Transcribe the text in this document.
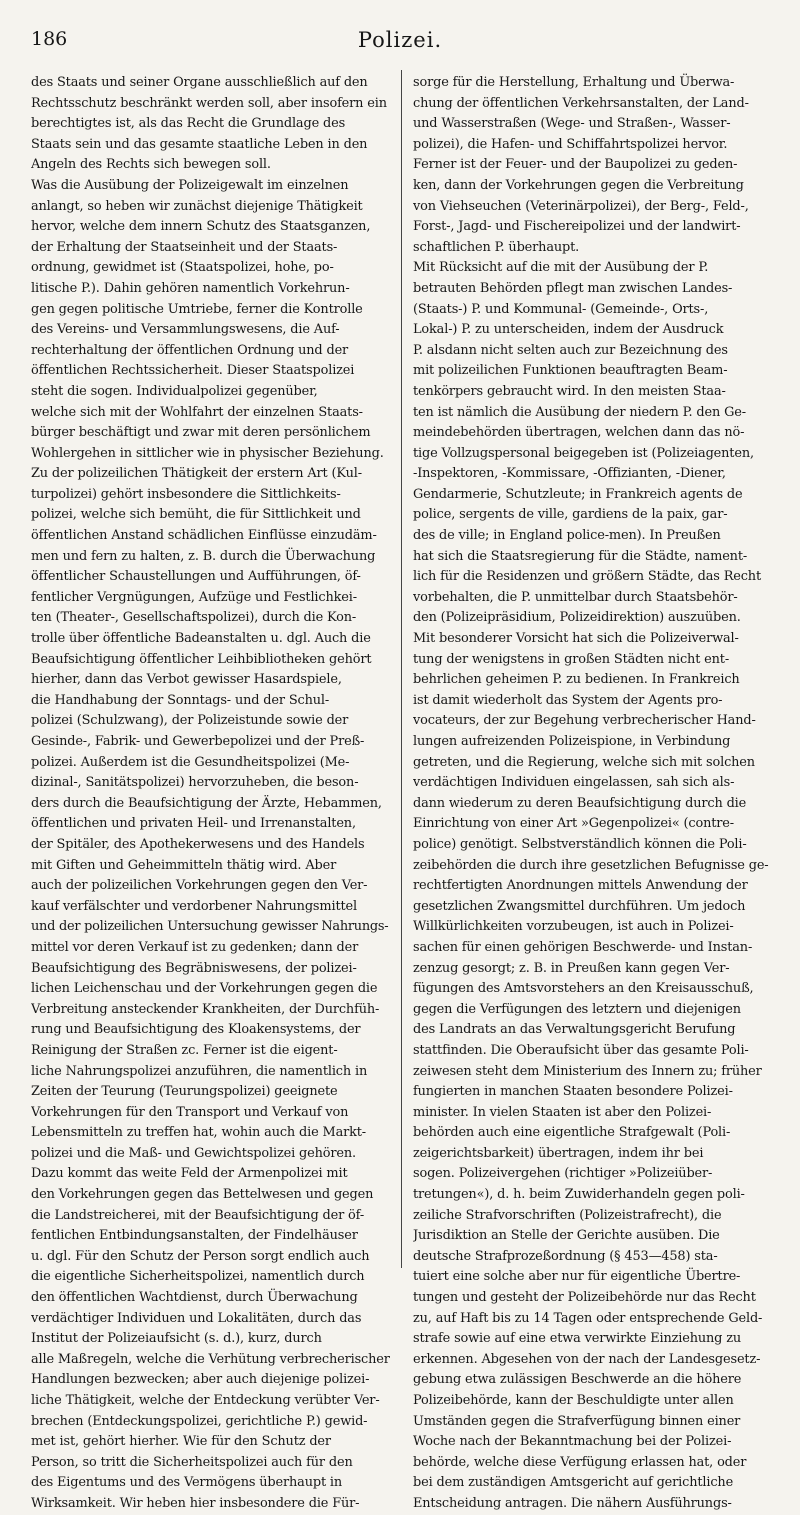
186	Polizei.
des Staats und seiner Organe ausschließlich auf den
Rechtsschutz beschränkt werden soll, aber insofern ein
berechtigtes ist, als das Recht die Grundlage des
Staats sein und das gesamte staatliche Leben in den
Angeln des Rechts sich bewegen soll.
Was die Ausübung der Polizeigewalt im einzelnen
anlangt, so heben wir zunächst diejenige Thätigkeit
hervor, welche dem innern Schutz des Staatsganzen,
der Erhaltung der Staatseinheit und der Staats-
ordnung, gewidmet ist (Staatspolizei, hohe, po-
litische P.). Dahin gehören namentlich Vorkehrun-
gen gegen politische Umtriebe, ferner die Kontrolle
des Vereins- und Versammlungswesens, die Auf-
rechterhaltung der öffentlichen Ordnung und der
öffentlichen Rechtssicherheit. Dieser Staatspolizei
steht die sogen. Individualpolizei gegenüber,
welche sich mit der Wohlfahrt der einzelnen Staats-
bürger beschäftigt und zwar mit deren persönlichem
Wohlergehen in sittlicher wie in physischer Beziehung.
Zu der polizeilichen Thätigkeit der erstern Art (Kul-
turpolizei) gehört insbesondere die Sittlichkeits-
polizei, welche sich bemüht, die für Sittlichkeit und
öffentlichen Anstand schädlichen Einflüsse einzudäm-
men und fern zu halten, z. B. durch die Überwachung
öffentlicher Schaustellungen und Aufführungen, öf-
fentlicher Vergnügungen, Aufzüge und Festlichkei-
ten (Theater-, Gesellschaftspolizei), durch die Kon-
trolle über öffentliche Badeanstalten u. dgl. Auch die
Beaufsichtigung öffentlicher Leihbibliotheken gehört
hierher, dann das Verbot gewisser Hasardspiele,
die Handhabung der Sonntags- und der Schul-
polizei (Schulzwang), der Polizeistunde sowie der
Gesinde-, Fabrik- und Gewerbepolizei und der Preß-
polizei. Außerdem ist die Gesundheitspolizei (Me-
dizinal-, Sanitätspolizei) hervorzuheben, die beson-
ders durch die Beaufsichtigung der Ärzte, Hebammen,
öffentlichen und privaten Heil- und Irrenanstalten,
der Spitäler, des Apothekerwesens und des Handels
mit Giften und Geheimmitteln thätig wird. Aber
auch der polizeilichen Vorkehrungen gegen den Ver-
kauf verfälschter und verdorbener Nahrungsmittel
und der polizeilichen Untersuchung gewisser Nahrungs-
mittel vor deren Verkauf ist zu gedenken; dann der
Beaufsichtigung des Begräbniswesens, der polizei-
lichen Leichenschau und der Vorkehrungen gegen die
Verbreitung ansteckender Krankheiten, der Durchfüh-
rung und Beaufsichtigung des Kloakensystems, der
Reinigung der Straßen zc. Ferner ist die eigent-
liche Nahrungspolizei anzuführen, die namentlich in
Zeiten der Teurung (Teurungspolizei) geeignete
Vorkehrungen für den Transport und Verkauf von
Lebensmitteln zu treffen hat, wohin auch die Markt-
polizei und die Maß- und Gewichtspolizei gehören.
Dazu kommt das weite Feld der Armenpolizei mit
den Vorkehrungen gegen das Bettelwesen und gegen
die Landstreicherei, mit der Beaufsichtigung der öf-
fentlichen Entbindungsanstalten, der Findelhäuser
u. dgl. Für den Schutz der Person sorgt endlich auch
die eigentliche Sicherheitspolizei, namentlich durch
den öffentlichen Wachtdienst, durch Überwachung
verdächtiger Individuen und Lokalitäten, durch das
Institut der Polizeiaufsicht (s. d.), kurz, durch
alle Maßregeln, welche die Verhütung verbrecherischer
Handlungen bezwecken; aber auch diejenige polizei-
liche Thätigkeit, welche der Entdeckung verübter Ver-
brechen (Entdeckungspolizei, gerichtliche P.) gewid-
met ist, gehört hierher. Wie für den Schutz der
Person, so tritt die Sicherheitspolizei auch für den
des Eigentums und des Vermögens überhaupt in
Wirksamkeit. Wir heben hier insbesondere die Für-
sorge für die Herstellung, Erhaltung und Überwa-
chung der öffentlichen Verkehrsanstalten, der Land-
und Wasserstraßen (Wege- und Straßen-, Wasser-
polizei), die Hafen- und Schiffahrtspolizei hervor.
Ferner ist der Feuer- und der Baupolizei zu geden-
ken, dann der Vorkehrungen gegen die Verbreitung
von Viehseuchen (Veterinärpolizei), der Berg-, Feld-,
Forst-, Jagd- und Fischereipolizei und der landwirt-
schaftlichen P. überhaupt.
Mit Rücksicht auf die mit der Ausübung der P.
betrauten Behörden pflegt man zwischen Landes-
(Staats-) P. und Kommunal- (Gemeinde-, Orts-,
Lokal-) P. zu unterscheiden, indem der Ausdruck
P. alsdann nicht selten auch zur Bezeichnung des
mit polizeilichen Funktionen beauftragten Beam-
tenkörpers gebraucht wird. In den meisten Staa-
ten ist nämlich die Ausübung der niedern P. den Ge-
meindebehörden übertragen, welchen dann das nö-
tige Vollzugspersonal beigegeben ist (Polizeiagenten,
-Inspektoren, -Kommissare, -Offizianten, -Diener,
Gendarmerie, Schutzleute; in Frankreich agents de
police, sergents de ville, gardiens de la paix, gar-
des de ville; in England police-men). In Preußen
hat sich die Staatsregierung für die Städte, nament-
lich für die Residenzen und größern Städte, das Recht
vorbehalten, die P. unmittelbar durch Staatsbehör-
den (Polizeipräsidium, Polizeidirektion) auszuüben.
Mit besonderer Vorsicht hat sich die Polizeiverwal-
tung der wenigstens in großen Städten nicht ent-
behrlichen geheimen P. zu bedienen. In Frankreich
ist damit wiederholt das System der Agents pro-
vocateurs, der zur Begehung verbrecherischer Hand-
lungen aufreizenden Polizeispione, in Verbindung
getreten, und die Regierung, welche sich mit solchen
verdächtigen Individuen eingelassen, sah sich als-
dann wiederum zu deren Beaufsichtigung durch die
Einrichtung von einer Art »Gegenpolizei« (contre-
police) genötigt. Selbstverständlich können die Poli-
zeibehörden die durch ihre gesetzlichen Befugnisse ge-
rechtfertigten Anordnungen mittels Anwendung der
gesetzlichen Zwangsmittel durchführen. Um jedoch
Willkürlichkeiten vorzubeugen, ist auch in Polizei-
sachen für einen gehörigen Beschwerde- und Instan-
zenzug gesorgt; z. B. in Preußen kann gegen Ver-
fügungen des Amtsvorstehers an den Kreisausschuß,
gegen die Verfügungen des letztern und diejenigen
des Landrats an das Verwaltungsgericht Berufung
stattfinden. Die Oberaufsicht über das gesamte Poli-
zeiwesen steht dem Ministerium des Innern zu; früher
fungierten in manchen Staaten besondere Polizei-
minister. In vielen Staaten ist aber den Polizei-
behörden auch eine eigentliche Strafgewalt (Poli-
zeigerichtsbarkeit) übertragen, indem ihr bei
sogen. Polizeivergehen (richtiger »Polizeiüber-
tretungen«), d. h. beim Zuwiderhandeln gegen poli-
zeiliche Strafvorschriften (Polizeistrafrecht), die
Jurisdiktion an Stelle der Gerichte ausüben. Die
deutsche Strafprozeßordnung (§ 453—458) sta-
tuiert eine solche aber nur für eigentliche Übertre-
tungen und gesteht der Polizeibehörde nur das Recht
zu, auf Haft bis zu 14 Tagen oder entsprechende Geld-
strafe sowie auf eine etwa verwirkte Einziehung zu
erkennen. Abgesehen von der nach der Landesgesetz-
gebung etwa zulässigen Beschwerde an die höhere
Polizeibehörde, kann der Beschuldigte unter allen
Umständen gegen die Strafverfügung binnen einer
Woche nach der Bekanntmachung bei der Polizei-
behörde, welche diese Verfügung erlassen hat, oder
bei dem zuständigen Amtsgericht auf gerichtliche
Entscheidung antragen. Die nähern Ausführungs-
